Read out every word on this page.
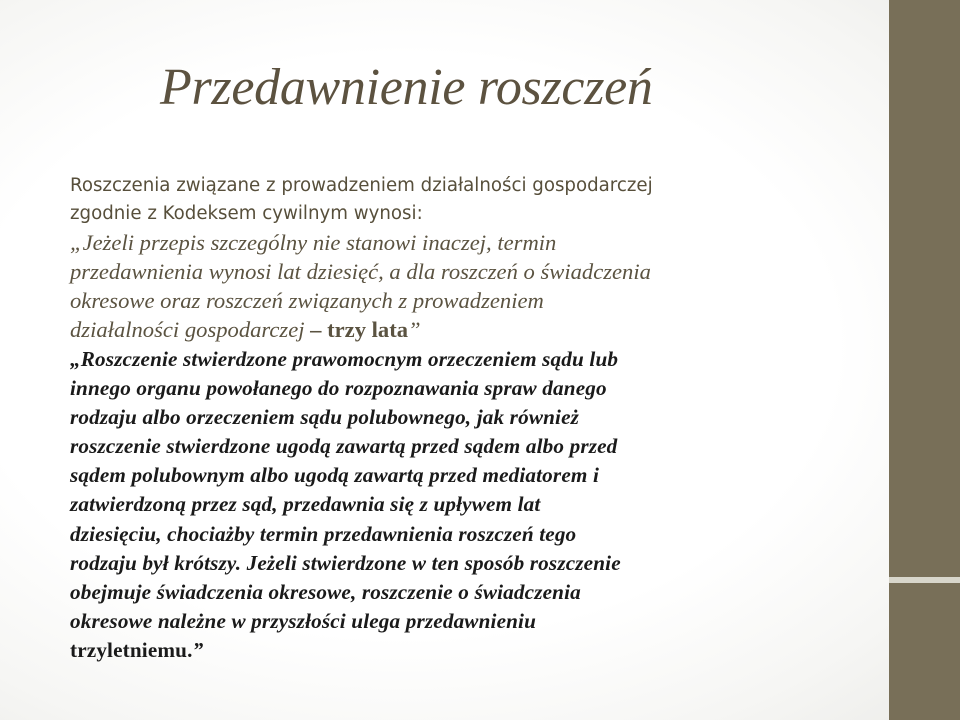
Przedawnienie roszczeń

Roszczenia związane z prowadzeniem działalności gospodarczej
zgodnie z Kodeksem cywilnym wynosi:

„Jeżeli przepis szczególny nie stanowi inaczej, termin
przedawnienia wynosi lat dziesięć, a dla roszczeń o świadczenia
okresowe oraz roszczeń związanych z prowadzeniem
działalności gospodarczej – trzy lata”

„Roszczenie stwierdzone prawomocnym orzeczeniem sądu lub
innego organu powołanego do rozpoznawania spraw danego
rodzaju albo orzeczeniem sądu polubownego, jak również
roszczenie stwierdzone ugodą zawartą przed sądem albo przed
sądem polubownym albo ugodą zawartą przed mediatorem i
zatwierdzoną przez sąd, przedawnia się z upływem lat
dziesięciu, chociażby termin przedawnienia roszczeń tego
rodzaju był krótszy. Jeżeli stwierdzone w ten sposób roszczenie
obejmuje świadczenia okresowe, roszczenie o świadczenia
okresowe należne w przyszłości ulega przedawnieniu
trzyletniemu.”
